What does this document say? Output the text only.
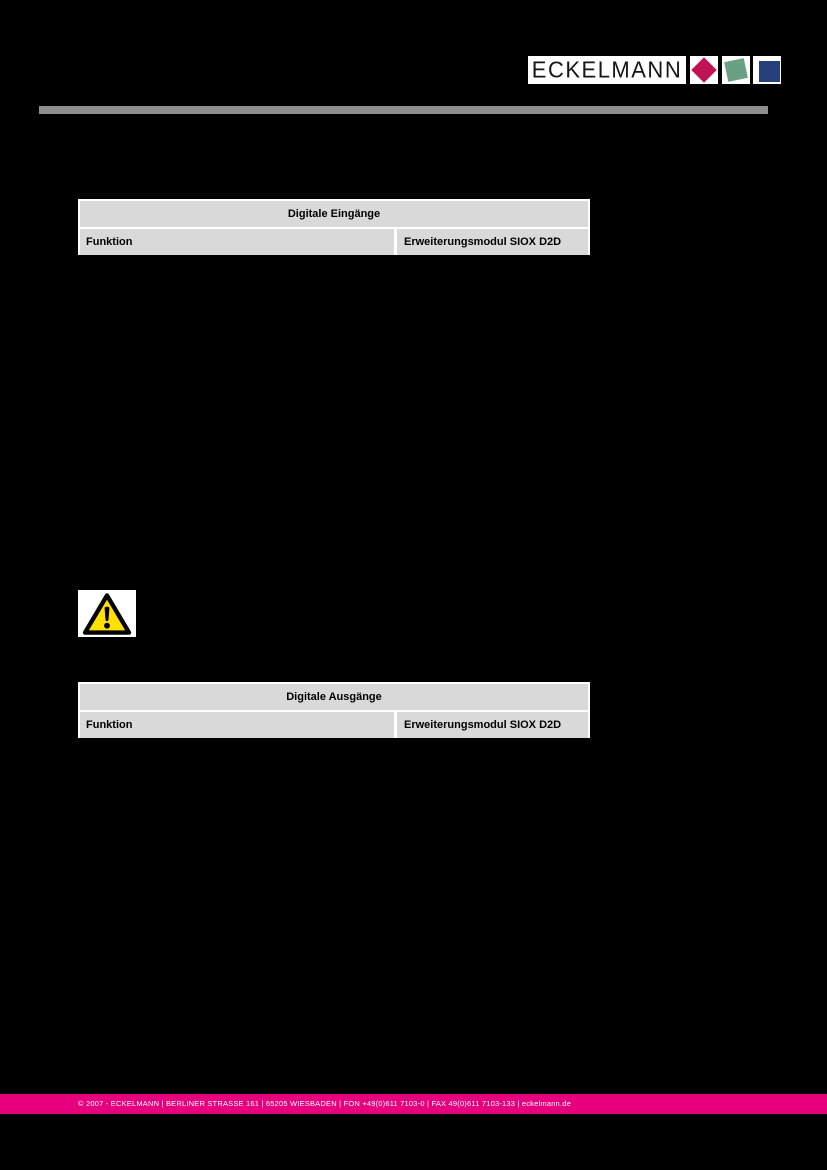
ECKELMANN
Digitale Eingänge
Funktion	Erweiterungsmodul SIOX D2D
Digitale Ausgänge
Funktion	Erweiterungsmodul SIOX D2D
© 2007 - ECKELMANN | BERLINER STRASSE 161 | 65205 WIESBADEN | FON +49(0)611 7103-0 | FAX 49(0)611 7103-133 | eckelmann.de
